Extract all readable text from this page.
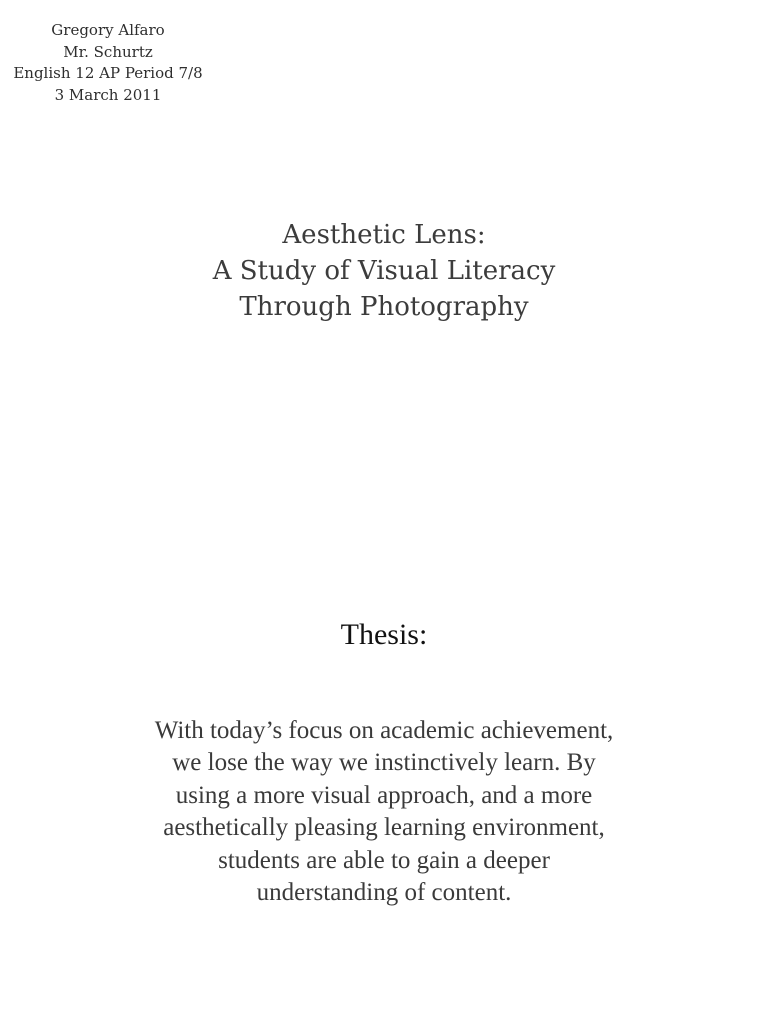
Gregory Alfaro
Mr. Schurtz
English 12 AP Period 7/8
3 March 2011
Aesthetic Lens:
A Study of Visual Literacy
Through Photography
Thesis:
With today’s focus on academic achievement,
we lose the way we instinctively learn. By
using a more visual approach, and a more
aesthetically pleasing learning environment,
students are able to gain a deeper
understanding of content.
